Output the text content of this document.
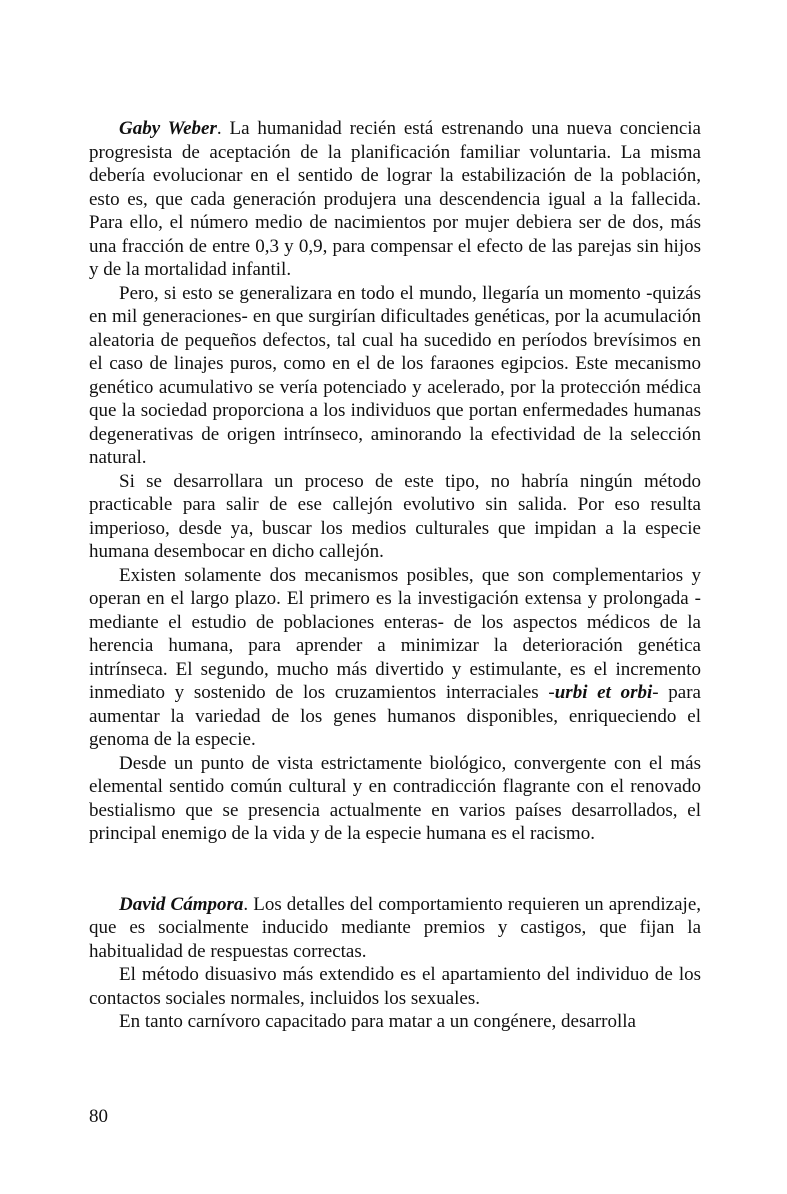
Gaby Weber. La humanidad recién está estrenando una nueva conciencia progresista de aceptación de la planificación familiar voluntaria. La misma debería evolucionar en el sentido de lograr la estabilización de la población, esto es, que cada generación produjera una descendencia igual a la fallecida. Para ello, el número medio de nacimientos por mujer debiera ser de dos, más una fracción de entre 0,3 y 0,9, para compensar el efecto de las parejas sin hijos y de la mortalidad infantil.

Pero, si esto se generalizara en todo el mundo, llegaría un momento -quizás en mil generaciones- en que surgirían dificultades genéticas, por la acumulación aleatoria de pequeños defectos, tal cual ha sucedido en períodos brevísimos en el caso de linajes puros, como en el de los faraones egipcios. Este mecanismo genético acumulativo se vería potenciado y acelerado, por la protección médica que la sociedad proporciona a los individuos que portan enfermedades humanas degenerativas de origen intrínseco, aminorando la efectividad de la selección natural.

Si se desarrollara un proceso de este tipo, no habría ningún método practicable para salir de ese callejón evolutivo sin salida. Por eso resulta imperioso, desde ya, buscar los medios culturales que impidan a la especie humana desembocar en dicho callejón.

Existen solamente dos mecanismos posibles, que son complementarios y operan en el largo plazo. El primero es la investigación extensa y prolongada -mediante el estudio de poblaciones enteras- de los aspectos médicos de la herencia humana, para aprender a minimizar la deterioración genética intrínseca. El segundo, mucho más divertido y estimulante, es el incremento inmediato y sostenido de los cruzamientos interraciales -urbi et orbi- para aumentar la variedad de los genes humanos disponibles, enriqueciendo el genoma de la especie.

Desde un punto de vista estrictamente biológico, convergente con el más elemental sentido común cultural y en contradicción flagrante con el renovado bestialismo que se presencia actualmente en varios países desarrollados, el principal enemigo de la vida y de la especie humana es el racismo.

David Cámpora. Los detalles del comportamiento requieren un aprendizaje, que es socialmente inducido mediante premios y castigos, que fijan la habitualidad de respuestas correctas.

El método disuasivo más extendido es el apartamiento del individuo de los contactos sociales normales, incluidos los sexuales.

En tanto carnívoro capacitado para matar a un congénere, desarrolla

80
